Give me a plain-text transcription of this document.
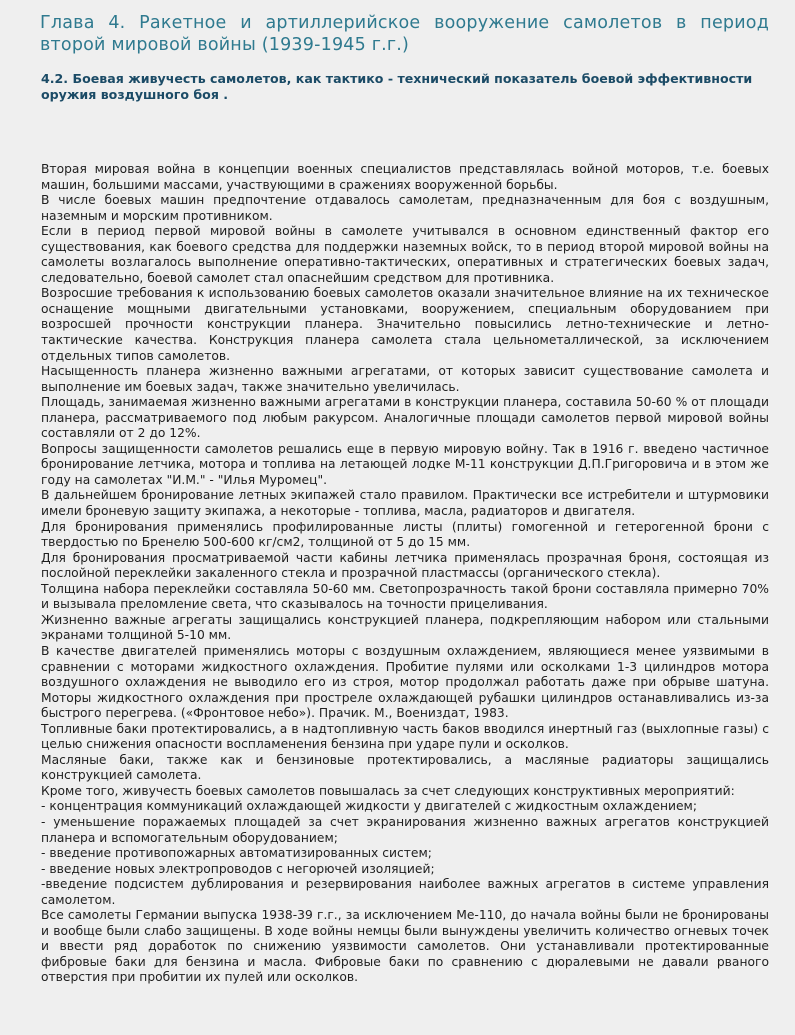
Глава 4. Ракетное и артиллерийское вооружение самолетов в период второй мировой войны (1939-1945 г.г.)
4.2. Боевая живучесть самолетов, как тактико - технический показатель боевой эффективности оружия воздушного боя .

Вторая мировая война в концепции военных специалистов представлялась войной моторов, т.е. боевых машин, большими массами, участвующими в сражениях вооруженной борьбы.

В числе боевых машин предпочтение отдавалось самолетам, предназначенным для боя с воздушным, наземным и морским противником.

Если в период первой мировой войны в самолете учитывался в основном единственный фактор его существования, как боевого средства для поддержки наземных войск, то в период второй мировой войны на самолеты возлагалось выполнение оперативно-тактических, оперативных и стратегических боевых задач, следовательно, боевой самолет стал опаснейшим средством для противника.

Возросшие требования к использованию боевых самолетов оказали значительное влияние на их техническое оснащение мощными двигательными установками, вооружением, специальным оборудованием при возросшей прочности конструкции планера. Значительно повысились летно-технические и летно-тактические качества. Конструкция планера самолета стала цельнометаллической, за исключением отдельных типов самолетов.

Насыщенность планера жизненно важными агрегатами, от которых зависит существование самолета и выполнение им боевых задач, также значительно увеличилась.

Площадь, занимаемая жизненно важными агрегатами в конструкции планера, составила 50-60 % от площади планера, рассматриваемого под любым ракурсом. Аналогичные площади самолетов первой мировой войны составляли от 2 до 12%.

Вопросы защищенности самолетов решались еще в первую мировую войну. Так в 1916 г. введено частичное бронирование летчика, мотора и топлива на летающей лодке М-11 конструкции Д.П.Григоровича и в этом же году на самолетах "И.М." - "Илья Муромец".

В дальнейшем бронирование летных экипажей стало правилом. Практически все истребители и штурмовики имели броневую защиту экипажа, а некоторые - топлива, масла, радиаторов и двигателя.

Для бронирования применялись профилированные листы (плиты) гомогенной и гетерогенной брони с твердостью по Бренелю 500-600 кг/см2, толщиной от 5 до 15 мм.

Для бронирования просматриваемой части кабины летчика применялась прозрачная броня, состоящая из послойной переклейки закаленного стекла и прозрачной пластмассы (органического стекла).

Толщина набора переклейки составляла 50-60 мм. Светопрозрачность такой брони составляла примерно 70% и вызывала преломление света, что сказывалось на точности прицеливания.

Жизненно важные агрегаты защищались конструкцией планера, подкрепляющим набором или стальными экранами толщиной 5-10 мм.

В качестве двигателей применялись моторы с воздушным охлаждением, являющиеся менее уязвимыми в сравнении с моторами жидкостного охлаждения. Пробитие пулями или осколками 1-3 цилиндров мотора воздушного охлаждения не выводило его из строя, мотор продолжал работать даже при обрыве шатуна. Моторы жидкостного охлаждения при простреле охлаждающей рубашки цилиндров останавливались из-за быстрого перегрева. («Фронтовое небо»). Прачик. М., Воениздат, 1983.

Топливные баки протектировались, а в надтопливную часть баков вводился инертный газ (выхлопные газы) с целью снижения опасности воспламенения бензина при ударе пули и осколков.

Масляные баки, также как и бензиновые протектировались, а масляные радиаторы защищались конструкцией самолета.

Кроме того, живучесть боевых самолетов повышалась за счет следующих конструктивных мероприятий:

- концентрация коммуникаций охлаждающей жидкости у двигателей с жидкостным охлаждением;

- уменьшение поражаемых площадей за счет экранирования жизненно важных агрегатов конструкцией планера и вспомогательным оборудованием;

- введение противопожарных автоматизированных систем;

- введение новых электропроводов с негорючей изоляцией;

-введение подсистем дублирования и резервирования наиболее важных агрегатов в системе управления самолетом.

Все самолеты Германии выпуска 1938-39 г.г., за исключением Ме-110, до начала войны были не бронированы и вообще были слабо защищены. В ходе войны немцы были вынуждены увеличить количество огневых точек и ввести ряд доработок по снижению уязвимости самолетов. Они устанавливали протектированные фибровые баки для бензина и масла. Фибровые баки по сравнению с дюралевыми не давали рваного отверстия при пробитии их пулей или осколков.
